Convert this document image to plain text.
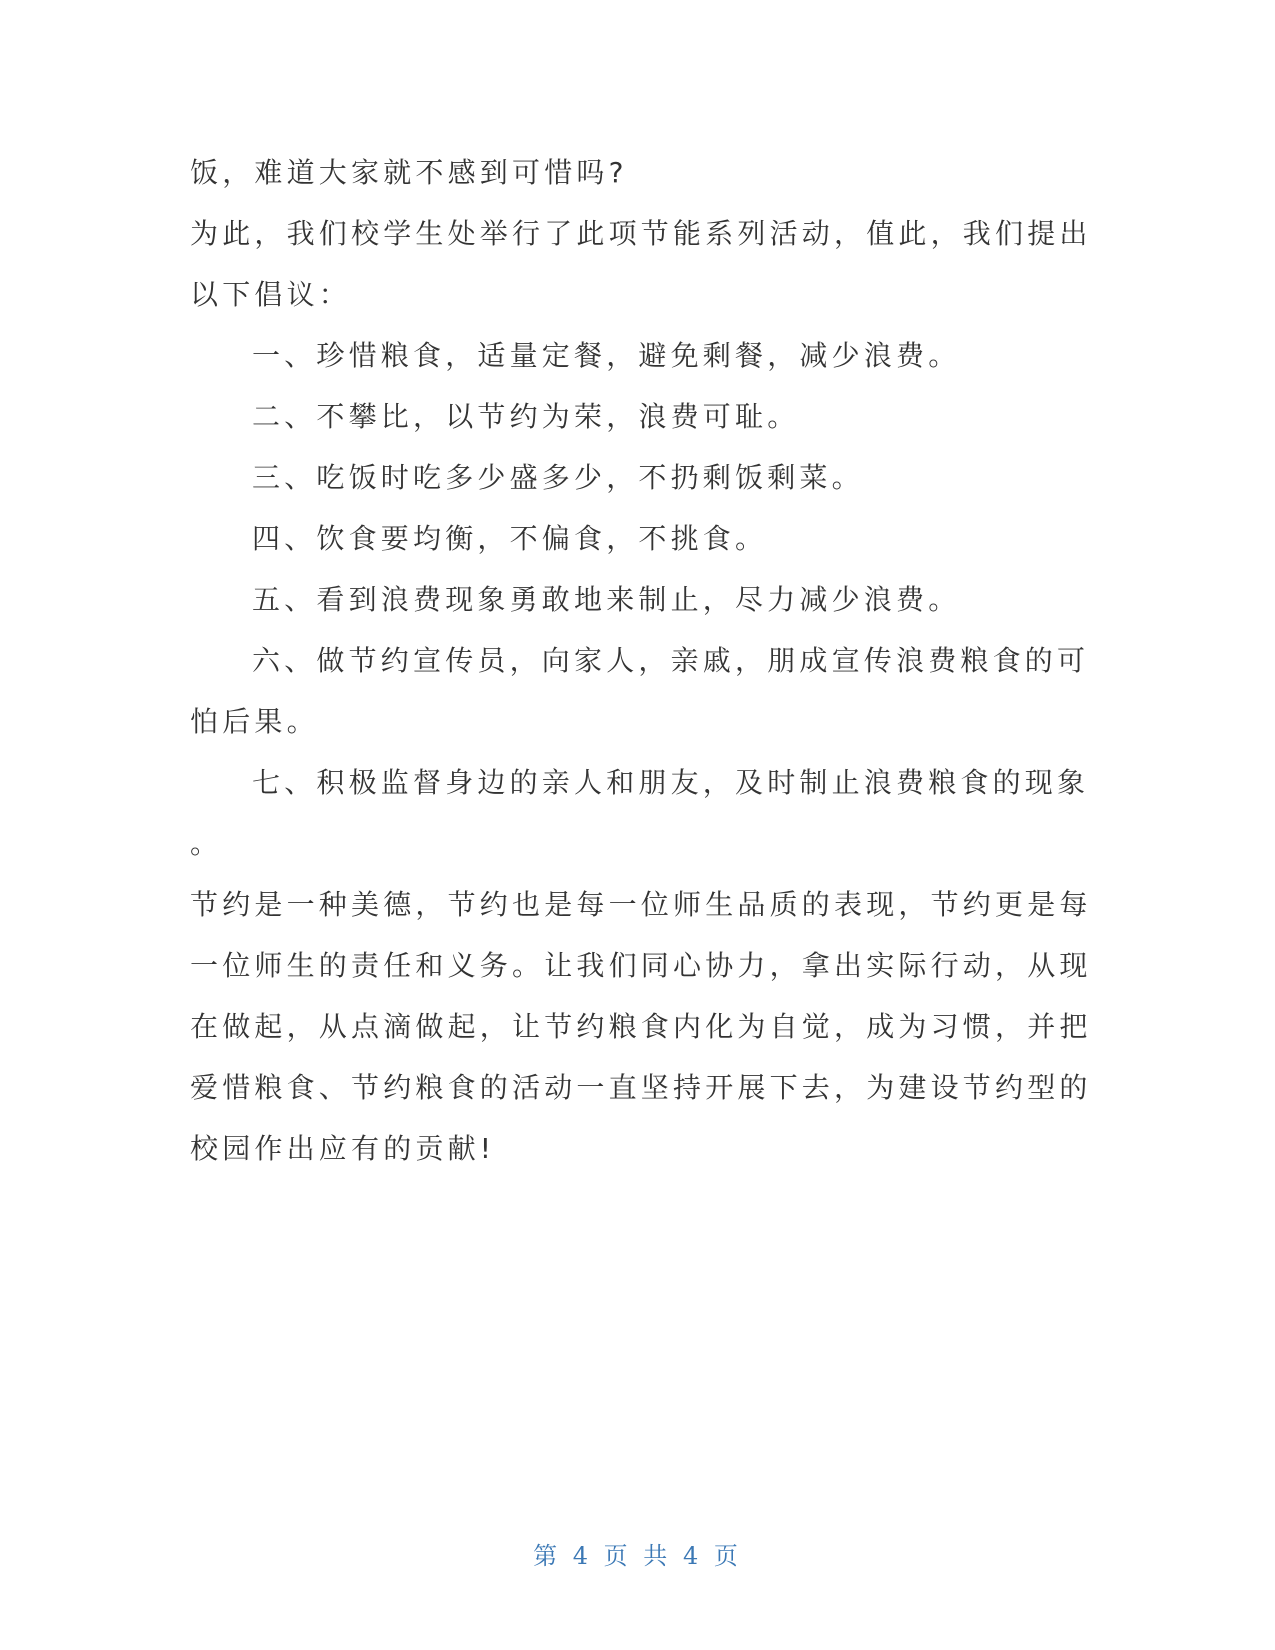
饭，难道大家就不感到可惜吗?
为此，我们校学生处举行了此项节能系列活动，值此，我们提出
以下倡议：
一、珍惜粮食，适量定餐，避免剩餐，减少浪费。
二、不攀比，以节约为荣，浪费可耻。
三、吃饭时吃多少盛多少，不扔剩饭剩菜。
四、饮食要均衡，不偏食，不挑食。
五、看到浪费现象勇敢地来制止，尽力减少浪费。
六、做节约宣传员，向家人，亲戚，朋成宣传浪费粮食的可
怕后果。
七、积极监督身边的亲人和朋友，及时制止浪费粮食的现象
。
节约是一种美德，节约也是每一位师生品质的表现，节约更是每
一位师生的责任和义务。让我们同心协力，拿出实际行动，从现
在做起，从点滴做起，让节约粮食内化为自觉，成为习惯，并把
爱惜粮食、节约粮食的活动一直坚持开展下去，为建设节约型的
校园作出应有的贡献!
第 4 页 共 4 页
